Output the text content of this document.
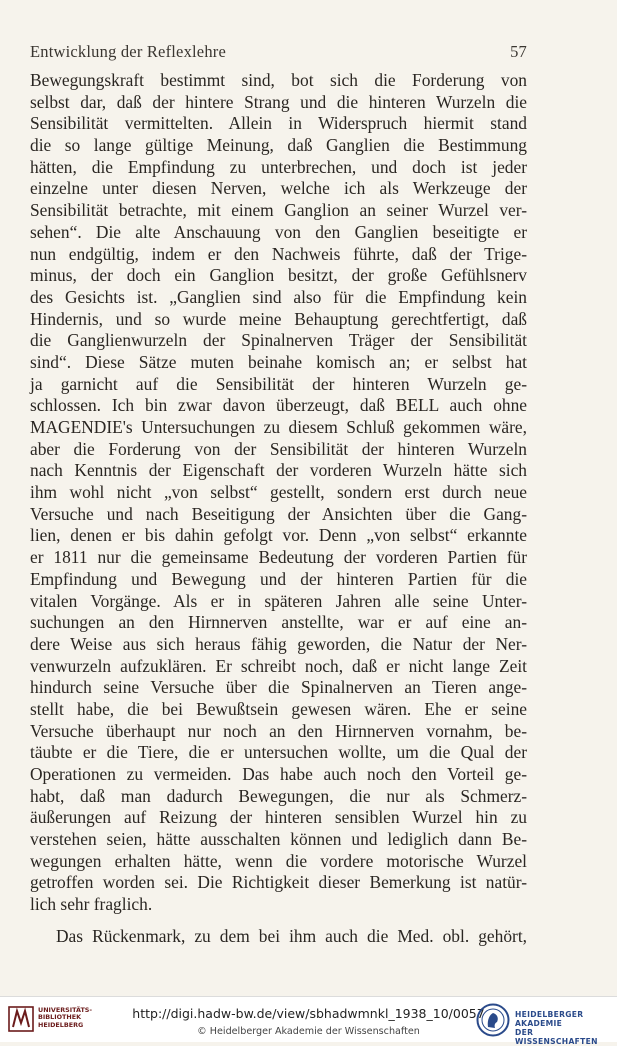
Entwicklung der Reflexlehre	57
Bewegungskraft bestimmt sind, bot sich die Forderung von
selbst dar, daß der hintere Strang und die hinteren Wurzeln die
Sensibilität vermittelten. Allein in Widerspruch hiermit stand
die so lange gültige Meinung, daß Ganglien die Bestimmung
hätten, die Empfindung zu unterbrechen, und doch ist jeder
einzelne unter diesen Nerven, welche ich als Werkzeuge der
Sensibilität betrachte, mit einem Ganglion an seiner Wurzel ver-
sehen“. Die alte Anschauung von den Ganglien beseitigte er
nun endgültig, indem er den Nachweis führte, daß der Trige-
minus, der doch ein Ganglion besitzt, der große Gefühlsnerv
des Gesichts ist. „Ganglien sind also für die Empfindung kein
Hindernis, und so wurde meine Behauptung gerechtfertigt, daß
die Ganglienwurzeln der Spinalnerven Träger der Sensibilität
sind“. Diese Sätze muten beinahe komisch an; er selbst hat
ja garnicht auf die Sensibilität der hinteren Wurzeln ge-
schlossen. Ich bin zwar davon überzeugt, daß BELL auch ohne
MAGENDIE's Untersuchungen zu diesem Schluß gekommen wäre,
aber die Forderung von der Sensibilität der hinteren Wurzeln
nach Kenntnis der Eigenschaft der vorderen Wurzeln hätte sich
ihm wohl nicht „von selbst“ gestellt, sondern erst durch neue
Versuche und nach Beseitigung der Ansichten über die Gang-
lien, denen er bis dahin gefolgt vor. Denn „von selbst“ erkannte
er 1811 nur die gemeinsame Bedeutung der vorderen Partien für
Empfindung und Bewegung und der hinteren Partien für die
vitalen Vorgänge. Als er in späteren Jahren alle seine Unter-
suchungen an den Hirnnerven anstellte, war er auf eine an-
dere Weise aus sich heraus fähig geworden, die Natur der Ner-
venwurzeln aufzuklären. Er schreibt noch, daß er nicht lange Zeit
hindurch seine Versuche über die Spinalnerven an Tieren ange-
stellt habe, die bei Bewußtsein gewesen wären. Ehe er seine
Versuche überhaupt nur noch an den Hirnnerven vornahm, be-
täubte er die Tiere, die er untersuchen wollte, um die Qual der
Operationen zu vermeiden. Das habe auch noch den Vorteil ge-
habt, daß man dadurch Bewegungen, die nur als Schmerz-
äußerungen auf Reizung der hinteren sensiblen Wurzel hin zu
verstehen seien, hätte ausschalten können und lediglich dann Be-
wegungen erhalten hätte, wenn die vordere motorische Wurzel
getroffen worden sei. Die Richtigkeit dieser Bemerkung ist natür-
lich sehr fraglich.
Das Rückenmark, zu dem bei ihm auch die Med. obl. gehört,
UNIVERSITÄTS-
BIBLIOTHEK
HEIDELBERG
http://digi.hadw-bw.de/view/sbhadwmnkl_1938_10/0057
© Heidelberger Akademie der Wissenschaften
HEIDELBERGER AKADEMIE
DER WISSENSCHAFTEN
